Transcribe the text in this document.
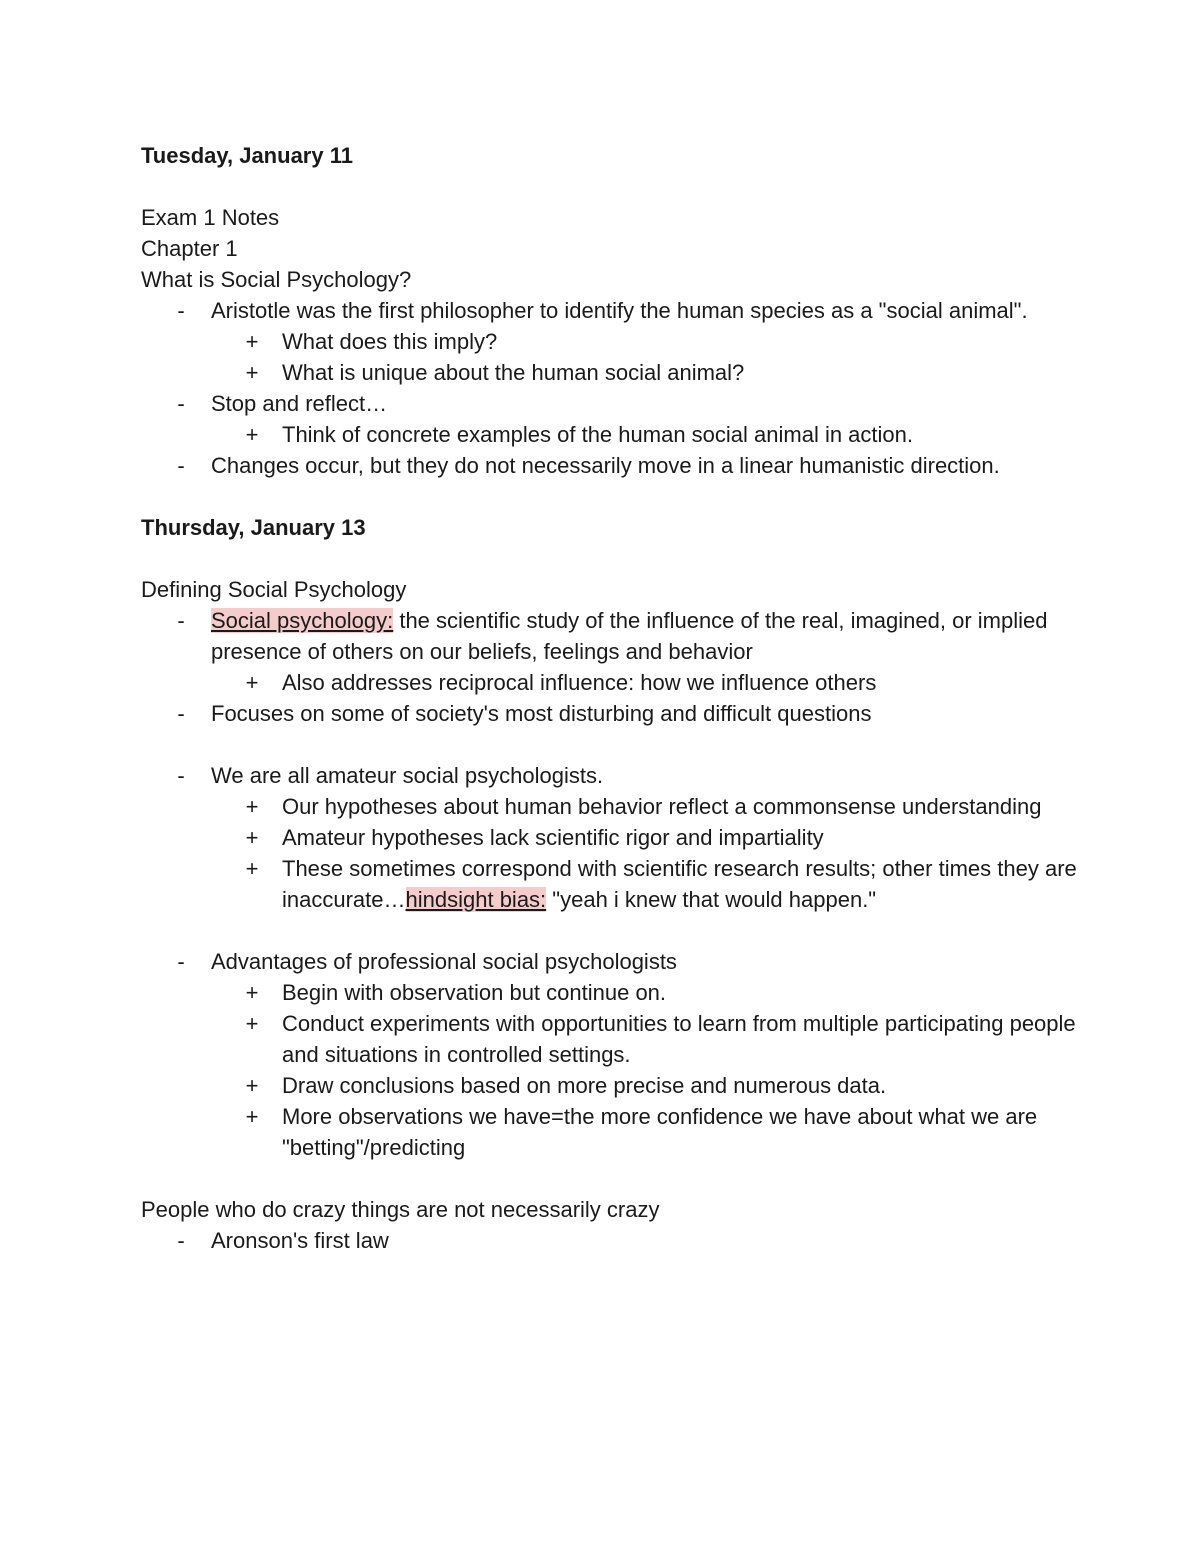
Tuesday, January 11

Exam 1 Notes

Chapter 1

What is Social Psychology?

- Aristotle was the first philosopher to identify the human species as a "social animal".
+ What does this imply?
+ What is unique about the human social animal?
- Stop and reflect…
+ Think of concrete examples of the human social animal in action.
- Changes occur, but they do not necessarily move in a linear humanistic direction.

Thursday, January 13

Defining Social Psychology

- Social psychology: the scientific study of the influence of the real, imagined, or implied presence of others on our beliefs, feelings and behavior
+ Also addresses reciprocal influence: how we influence others
- Focuses on some of society's most disturbing and difficult questions
- We are all amateur social psychologists.
+ Our hypotheses about human behavior reflect a commonsense understanding
+ Amateur hypotheses lack scientific rigor and impartiality
+ These sometimes correspond with scientific research results; other times they are inaccurate…hindsight bias: "yeah i knew that would happen."
- Advantages of professional social psychologists
+ Begin with observation but continue on.
+ Conduct experiments with opportunities to learn from multiple participating people and situations in controlled settings.
+ Draw conclusions based on more precise and numerous data.
+ More observations we have=the more confidence we have about what we are "betting"/predicting

People who do crazy things are not necessarily crazy

- Aronson's first law
